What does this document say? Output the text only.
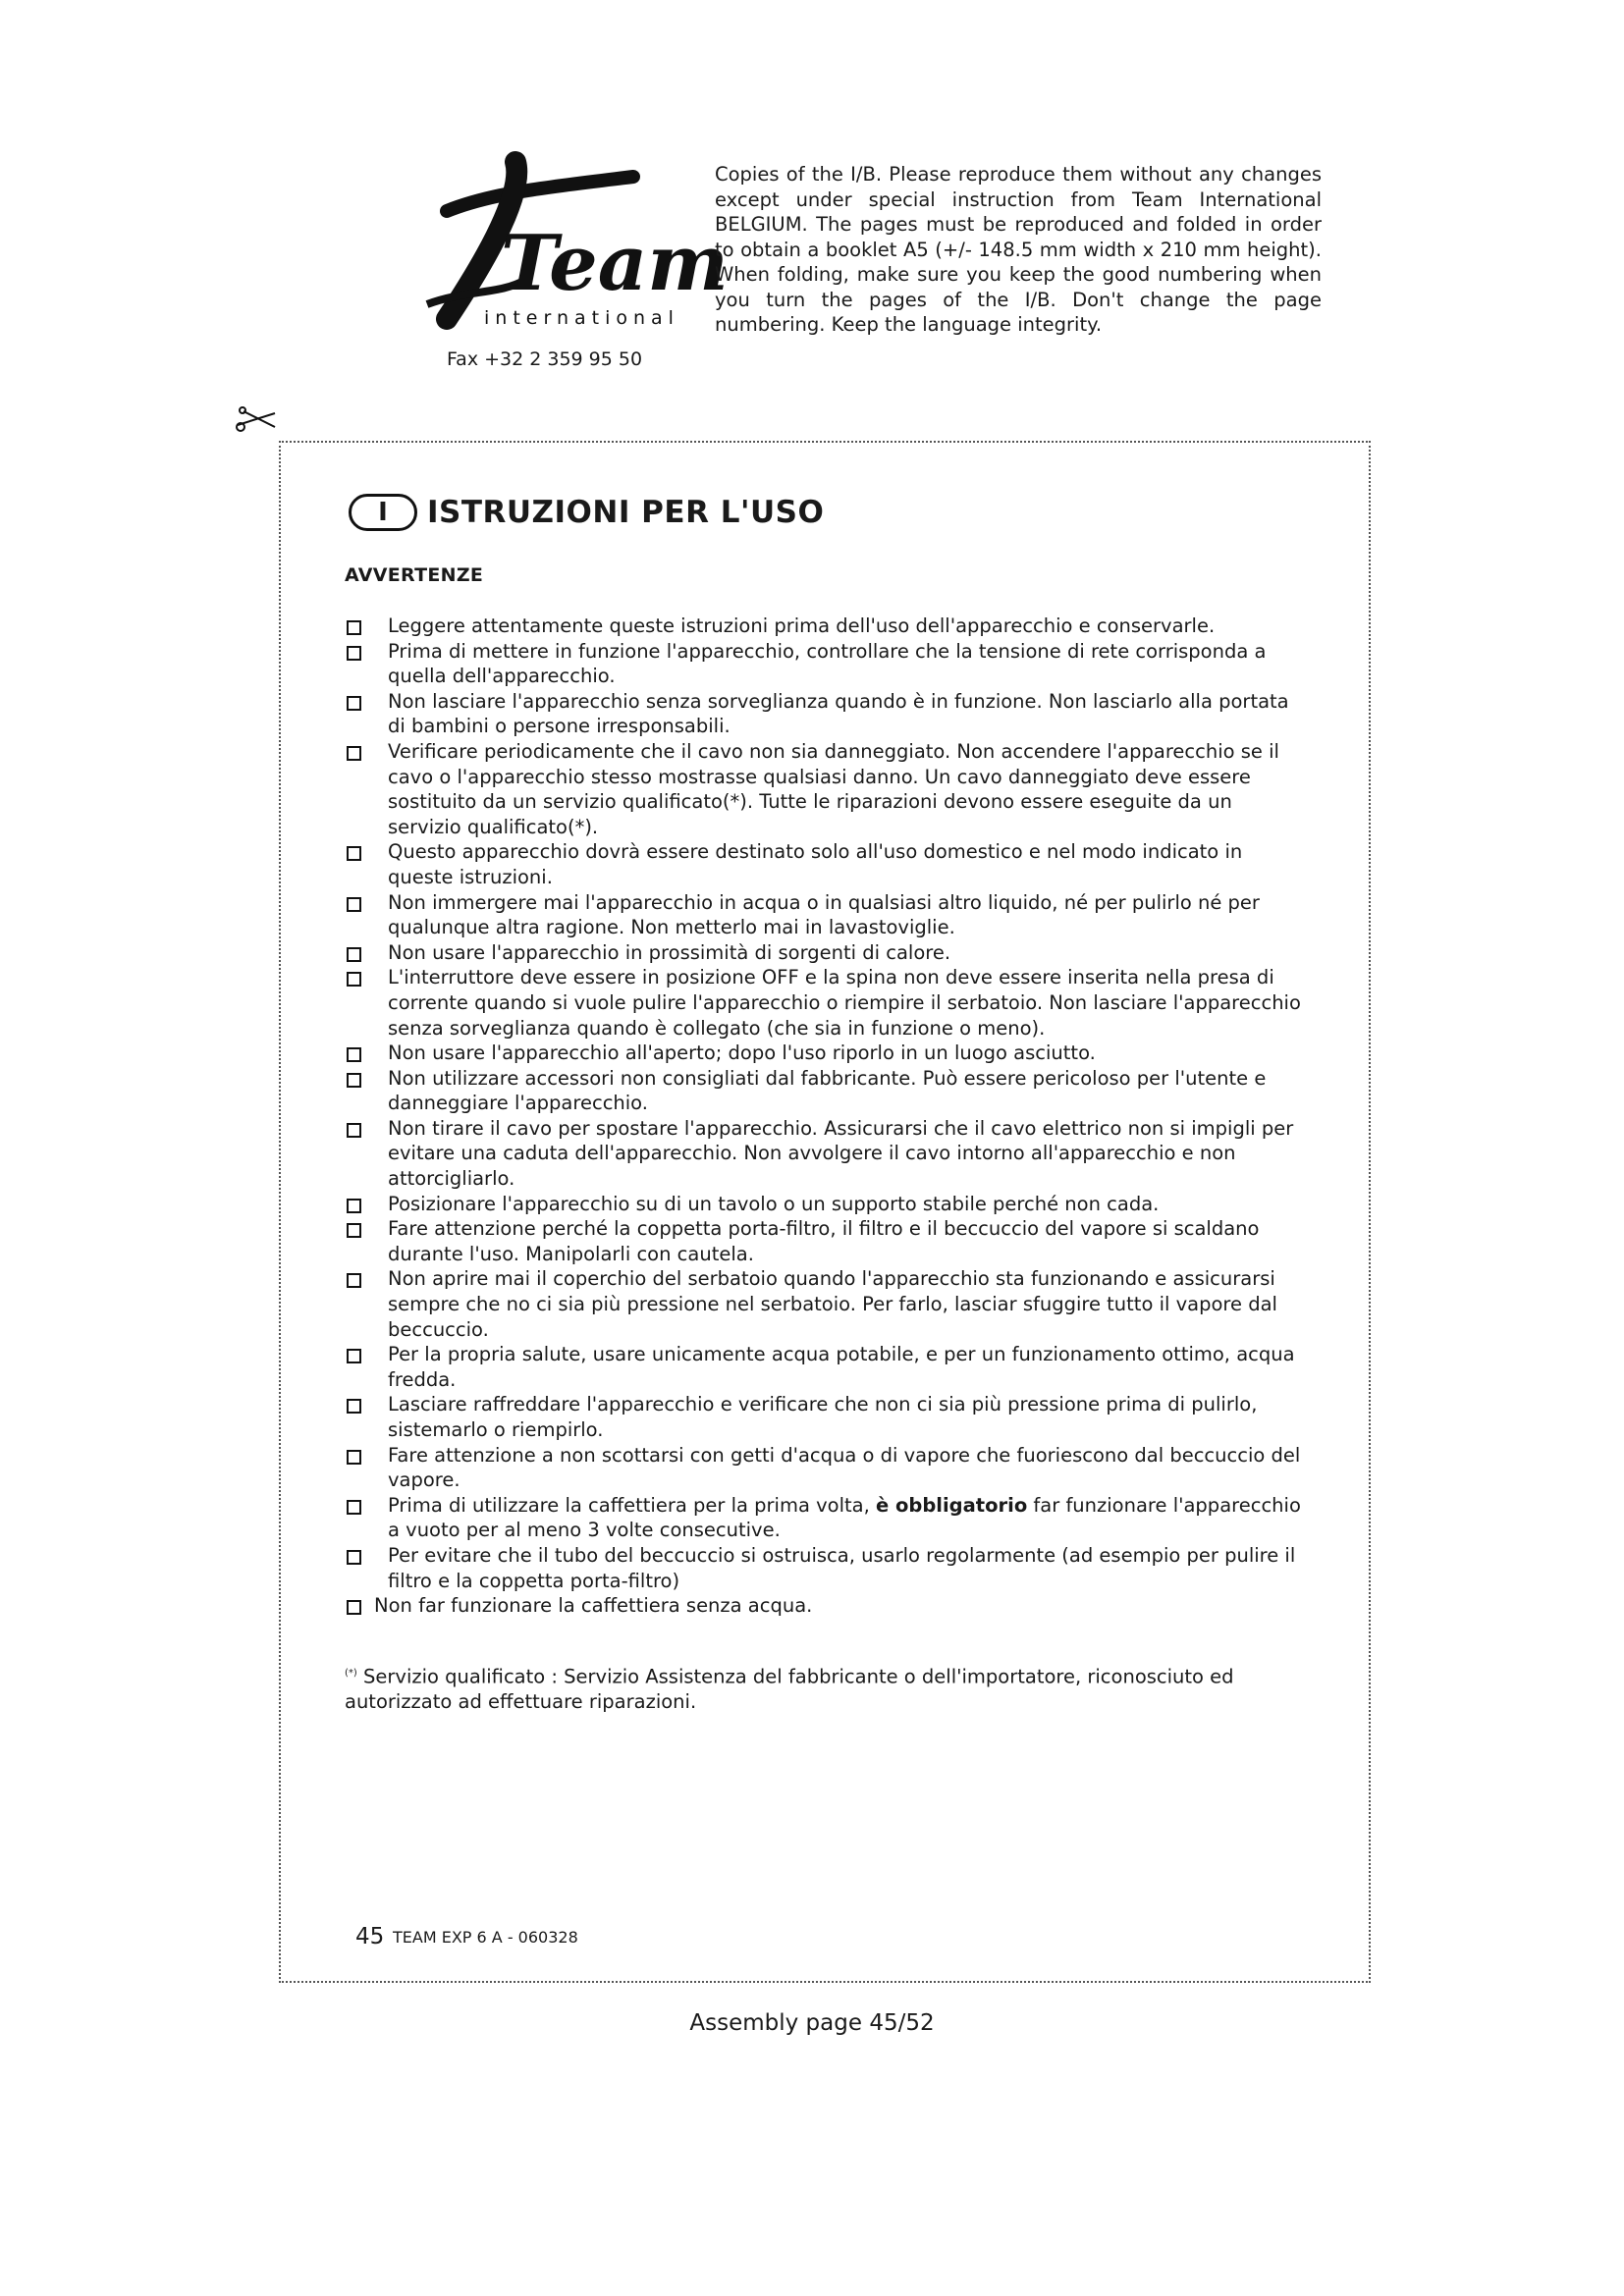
Team
international
Fax +32 2 359 95 50
Copies of the I/B. Please reproduce them without any changes except under special instruction from Team International BELGIUM. The pages must be reproduced and folded in order to obtain a booklet A5 (+/- 148.5 mm width x 210 mm height). When folding, make sure you keep the good numbering when you turn the pages of the I/B. Don't change the page numbering. Keep the language integrity.
I	ISTRUZIONI PER L'USO
AVVERTENZE
Leggere attentamente queste istruzioni prima dell'uso dell'apparecchio e conservarle.
Prima di mettere in funzione l'apparecchio, controllare che la tensione di rete corrisponda a quella dell'apparecchio.
Non lasciare l'apparecchio senza sorveglianza quando è in funzione. Non lasciarlo alla portata di bambini o persone irresponsabili.
Verificare periodicamente che il cavo non sia danneggiato. Non accendere l'apparecchio se il cavo o l'apparecchio stesso mostrasse qualsiasi danno. Un cavo danneggiato deve essere sostituito da un servizio qualificato(*). Tutte le riparazioni devono essere eseguite da un servizio qualificato(*).
Questo apparecchio dovrà essere destinato solo all'uso domestico e nel modo indicato in queste istruzioni.
Non immergere mai l'apparecchio in acqua o in qualsiasi altro liquido, né per pulirlo né per qualunque altra ragione. Non metterlo mai in lavastoviglie.
Non usare l'apparecchio in prossimità di sorgenti di calore.
L'interruttore deve essere in posizione OFF e la spina non deve essere inserita nella presa di corrente quando si vuole pulire l'apparecchio o riempire il serbatoio. Non lasciare l'apparecchio senza sorveglianza quando è collegato (che sia in funzione o meno).
Non usare l'apparecchio all'aperto; dopo l'uso riporlo in un luogo asciutto.
Non utilizzare accessori non consigliati dal fabbricante. Può essere pericoloso per l'utente e danneggiare l'apparecchio.
Non tirare il cavo per spostare l'apparecchio. Assicurarsi che il cavo elettrico non si impigli per evitare una caduta dell'apparecchio. Non avvolgere il cavo intorno all'apparecchio e non attorcigliarlo.
Posizionare l'apparecchio su di un tavolo o un supporto stabile perché non cada.
Fare attenzione perché la coppetta porta-filtro, il filtro e il beccuccio del vapore si scaldano durante l'uso. Manipolarli con cautela.
Non aprire mai il coperchio del serbatoio quando l'apparecchio sta funzionando e assicurarsi sempre che no ci sia più pressione nel serbatoio. Per farlo, lasciar sfuggire tutto il vapore dal beccuccio.
Per la propria salute, usare unicamente acqua potabile, e per un funzionamento ottimo, acqua fredda.
Lasciare raffreddare l'apparecchio e verificare che non ci sia più pressione prima di pulirlo, sistemarlo o riempirlo.
Fare attenzione a non scottarsi con getti d'acqua o di vapore che fuoriescono dal beccuccio del vapore.
Prima di utilizzare la caffettiera per la prima volta, è obbligatorio far funzionare l'apparecchio a vuoto per al meno 3 volte consecutive.
Per evitare che il tubo del beccuccio si ostruisca, usarlo regolarmente (ad esempio per pulire il filtro e la coppetta porta-filtro)
Non far funzionare la caffettiera senza acqua.
(*) Servizio qualificato : Servizio Assistenza del fabbricante o dell'importatore, riconosciuto ed autorizzato ad effettuare riparazioni.
45 TEAM EXP 6 A - 060328
Assembly page 45/52
